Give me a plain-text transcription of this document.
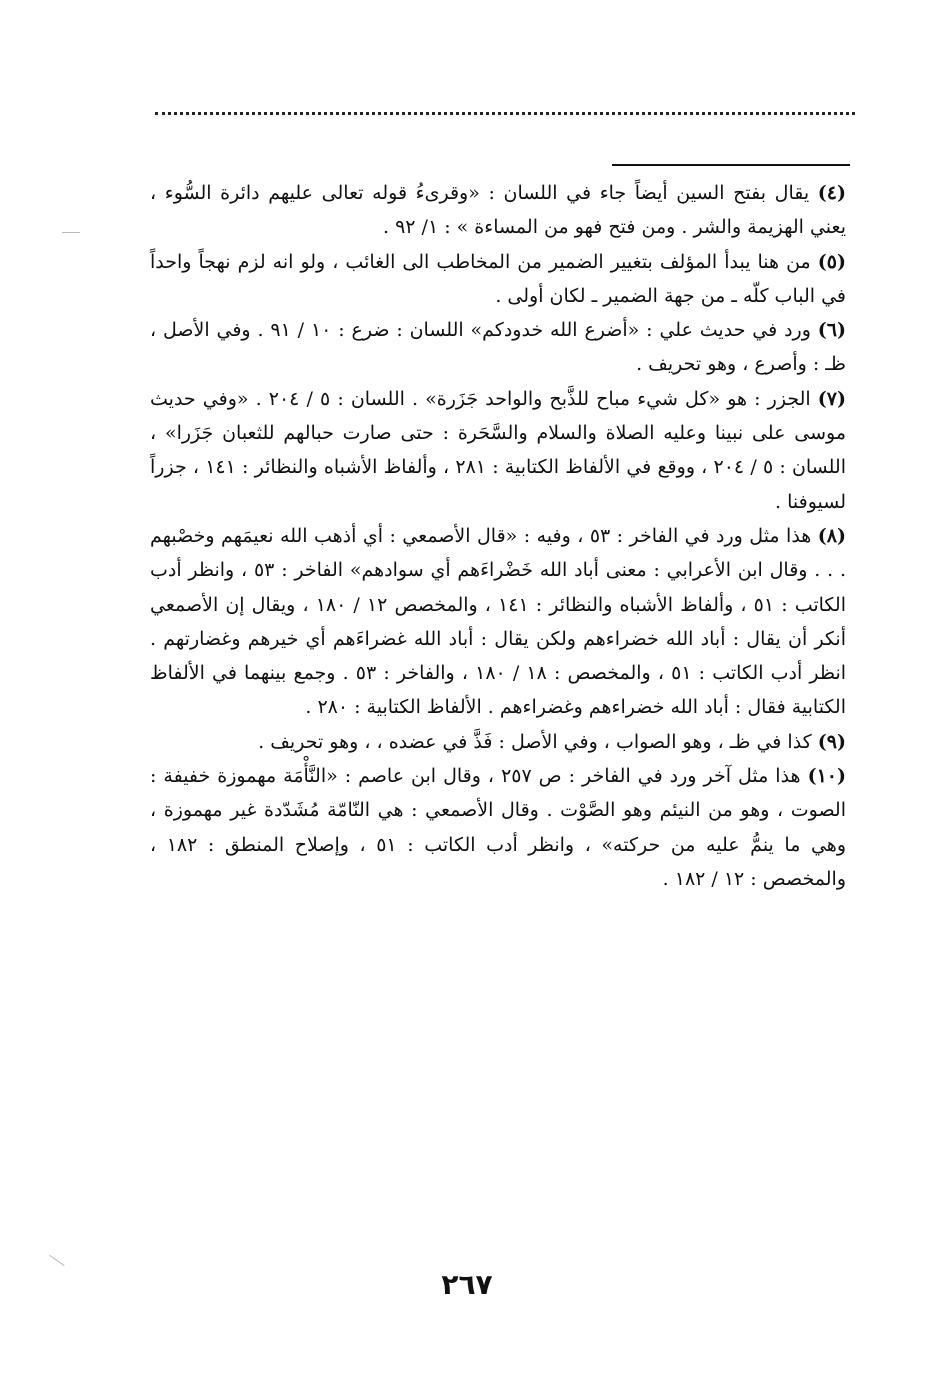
(٤) يقال بفتح السين أيضاً جاء في اللسان : «وقرىءُ قوله تعالى عليهم دائرة السُّوء ، يعني الهزيمة والشر . ومن فتح فهو من المساءة » : ١/ ٩٢ .

(٥) من هنا يبدأ المؤلف بتغيير الضمير من المخاطب الى الغائب ، ولو انه لزم نهجاً واحداً في الباب كلّه ـ من جهة الضمير ـ لكان أولى .

(٦) ورد في حديث علي : «أضرع الله خدودكم» اللسان : ضرع : ١٠ / ٩١ . وفي الأصل ، ظـ : وأصرع ، وهو تحريف .

(٧) الجزر : هو «كل شيء مباح للذَّبح والواحد جَزَرة» . اللسان : ٥ / ٢٠٤ . «وفي حديث موسى على نبينا وعليه الصلاة والسلام والسَّحَرة : حتى صارت حبالهم للثعبان جَزَرا» ، اللسان : ٥ / ٢٠٤ ، ووقع في الألفاظ الكتابية : ٢٨١ ، وألفاظ الأشباه والنظائر : ١٤١ ، جزراً لسيوفنا .

(٨) هذا مثل ورد في الفاخر : ٥٣ ، وفيه : «قال الأصمعي : أي أذهب الله نعيمَهم وخصْبهم . . . وقال ابن الأعرابي : معنى أباد الله خَضْراءَهم أي سوادهم» الفاخر : ٥٣ ، وانظر أدب الكاتب : ٥١ ، وألفاظ الأشباه والنظائر : ١٤١ ، والمخصص ١٢ / ١٨٠ ، ويقال إن الأصمعي أنكر أن يقال : أباد الله خضراءهم ولكن يقال : أباد الله غضراءَهم أي خيرهم وغضارتهم . انظر أدب الكاتب : ٥١ ، والمخصص : ١٨ / ١٨٠ ، والفاخر : ٥٣ . وجمع بينهما في الألفاظ الكتابية فقال : أباد الله خضراءهم وغضراءهم . الألفاظ الكتابية : ٢٨٠ .

(٩) كذا في ظـ ، وهو الصواب ، وفي الأصل : فَذَّ في عضده ، ، وهو تحريف .

(١٠) هذا مثل آخر ورد في الفاخر : ص ٢٥٧ ، وقال ابن عاصم : «النَّأْمَة مهموزة خفيفة : الصوت ، وهو من النيئم وهو الصَّوْت . وقال الأصمعي : هي النّامّة مُشَدّدة غير مهموزة ، وهي ما ينمُّ عليه من حركته» ، وانظر أدب الكاتب : ٥١ ، وإصلاح المنطق : ١٨٢ ، والمخصص : ١٢ / ١٨٢ .

٢٦٧
